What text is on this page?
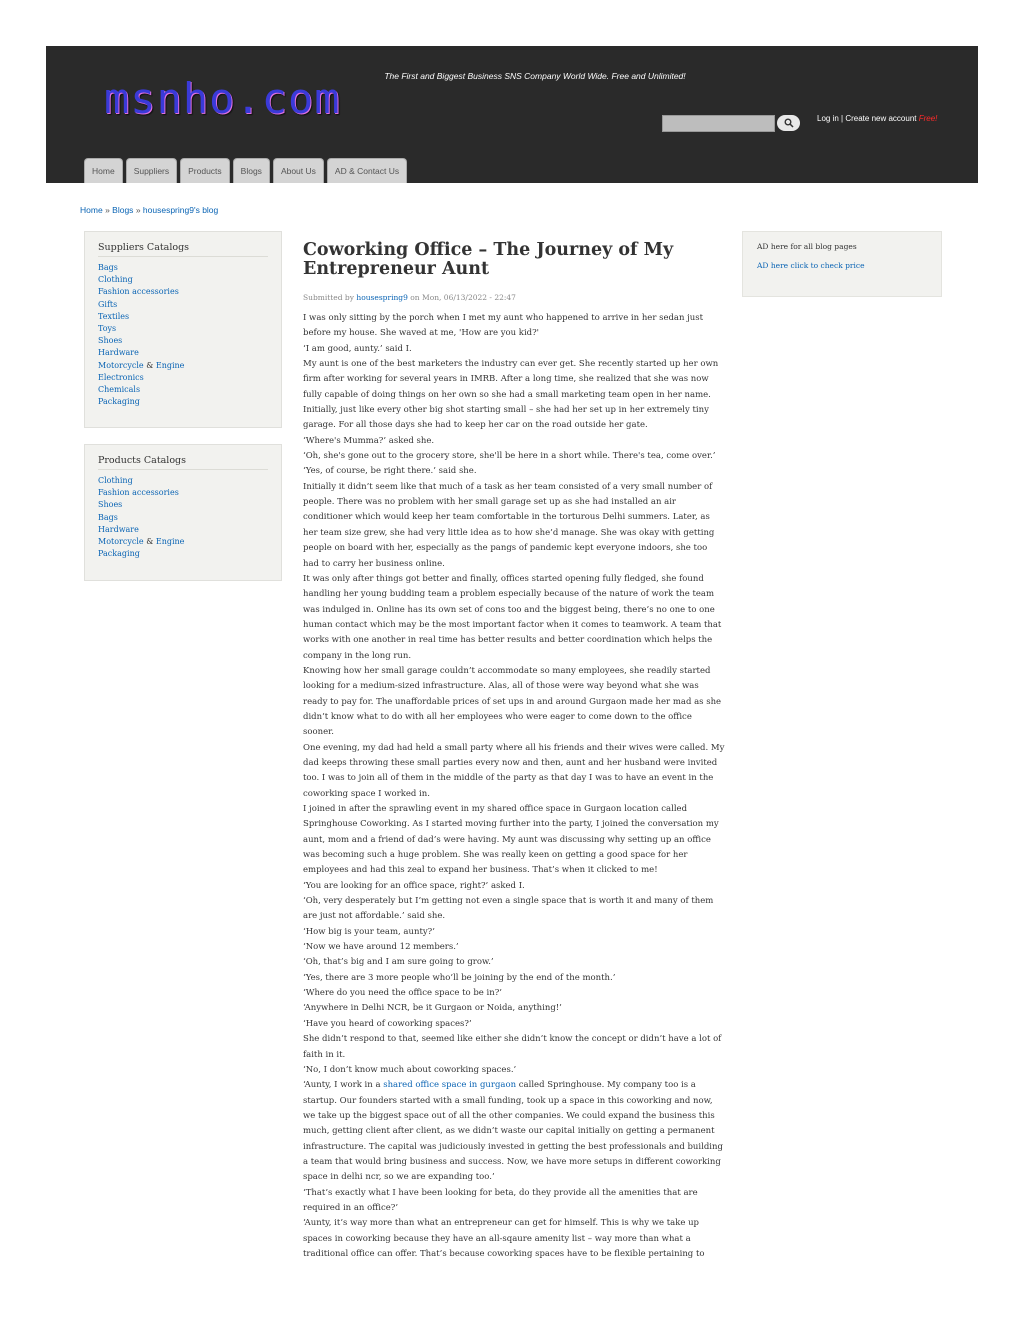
msnho.com	The First and Biggest Business SNS Company World Wide. Free and Unlimited!
Log in | Create new account Free!
Home	Suppliers	Products	Blogs	About Us	AD & Contact Us
Home » Blogs » housespring9's blog
Suppliers Catalogs
Bags
Clothing
Fashion accessories
Gifts
Textiles
Toys
Shoes
Hardware
Motorcycle & Engine
Electronics
Chemicals
Packaging
Products Catalogs
Clothing
Fashion accessories
Shoes
Bags
Hardware
Motorcycle & Engine
Packaging
Coworking Office – The Journey of My Entrepreneur Aunt
Submitted by housespring9 on Mon, 06/13/2022 - 22:47

I was only sitting by the porch when I met my aunt who happened to arrive in her sedan just before my house. She waved at me, 'How are you kid?'

‘I am good, aunty.’ said I.

My aunt is one of the best marketers the industry can ever get. She recently started up her own firm after working for several years in IMRB. After a long time, she realized that she was now fully capable of doing things on her own so she had a small marketing team open in her name. Initially, just like every other big shot starting small – she had her set up in her extremely tiny garage. For all those days she had to keep her car on the road outside her gate.

‘Where's Mumma?’ asked she.

‘Oh, she's gone out to the grocery store, she'll be here in a short while. There's tea, come over.’

‘Yes, of course, be right there.’ said she.

Initially it didn’t seem like that much of a task as her team consisted of a very small number of people. There was no problem with her small garage set up as she had installed an air conditioner which would keep her team comfortable in the torturous Delhi summers. Later, as her team size grew, she had very little idea as to how she’d manage. She was okay with getting people on board with her, especially as the pangs of pandemic kept everyone indoors, she too had to carry her business online.

It was only after things got better and finally, offices started opening fully fledged, she found handling her young budding team a problem especially because of the nature of work the team was indulged in. Online has its own set of cons too and the biggest being, there’s no one to one human contact which may be the most important factor when it comes to teamwork. A team that works with one another in real time has better results and better coordination which helps the company in the long run.

Knowing how her small garage couldn’t accommodate so many employees, she readily started looking for a medium-sized infrastructure. Alas, all of those were way beyond what she was ready to pay for. The unaffordable prices of set ups in and around Gurgaon made her mad as she didn’t know what to do with all her employees who were eager to come down to the office sooner.

One evening, my dad had held a small party where all his friends and their wives were called. My dad keeps throwing these small parties every now and then, aunt and her husband were invited too. I was to join all of them in the middle of the party as that day I was to have an event in the coworking space I worked in.

I joined in after the sprawling event in my shared office space in Gurgaon location called Springhouse Coworking. As I started moving further into the party, I joined the conversation my aunt, mom and a friend of dad’s were having. My aunt was discussing why setting up an office was becoming such a huge problem. She was really keen on getting a good space for her employees and had this zeal to expand her business. That’s when it clicked to me!

‘You are looking for an office space, right?’ asked I.

‘Oh, very desperately but I’m getting not even a single space that is worth it and many of them are just not affordable.’ said she.

‘How big is your team, aunty?’

‘Now we have around 12 members.’

‘Oh, that’s big and I am sure going to grow.’

‘Yes, there are 3 more people who’ll be joining by the end of the month.’

‘Where do you need the office space to be in?’

‘Anywhere in Delhi NCR, be it Gurgaon or Noida, anything!’

‘Have you heard of coworking spaces?’

She didn’t respond to that, seemed like either she didn’t know the concept or didn’t have a lot of faith in it.

‘No, I don’t know much about coworking spaces.’

‘Aunty, I work in a shared office space in gurgaon called Springhouse. My company too is a startup. Our founders started with a small funding, took up a space in this coworking and now, we take up the biggest space out of all the other companies. We could expand the business this much, getting client after client, as we didn’t waste our capital initially on getting a permanent infrastructure. The capital was judiciously invested in getting the best professionals and building a team that would bring business and success. Now, we have more setups in different coworking space in delhi ncr, so we are expanding too.’

‘That’s exactly what I have been looking for beta, do they provide all the amenities that are required in an office?’

‘Aunty, it’s way more than what an entrepreneur can get for himself. This is why we take up spaces in coworking because they have an all-sqaure amenity list – way more than what a traditional office can offer. That’s because coworking spaces have to be flexible pertaining to

AD here for all blog pages
AD here click to check price
